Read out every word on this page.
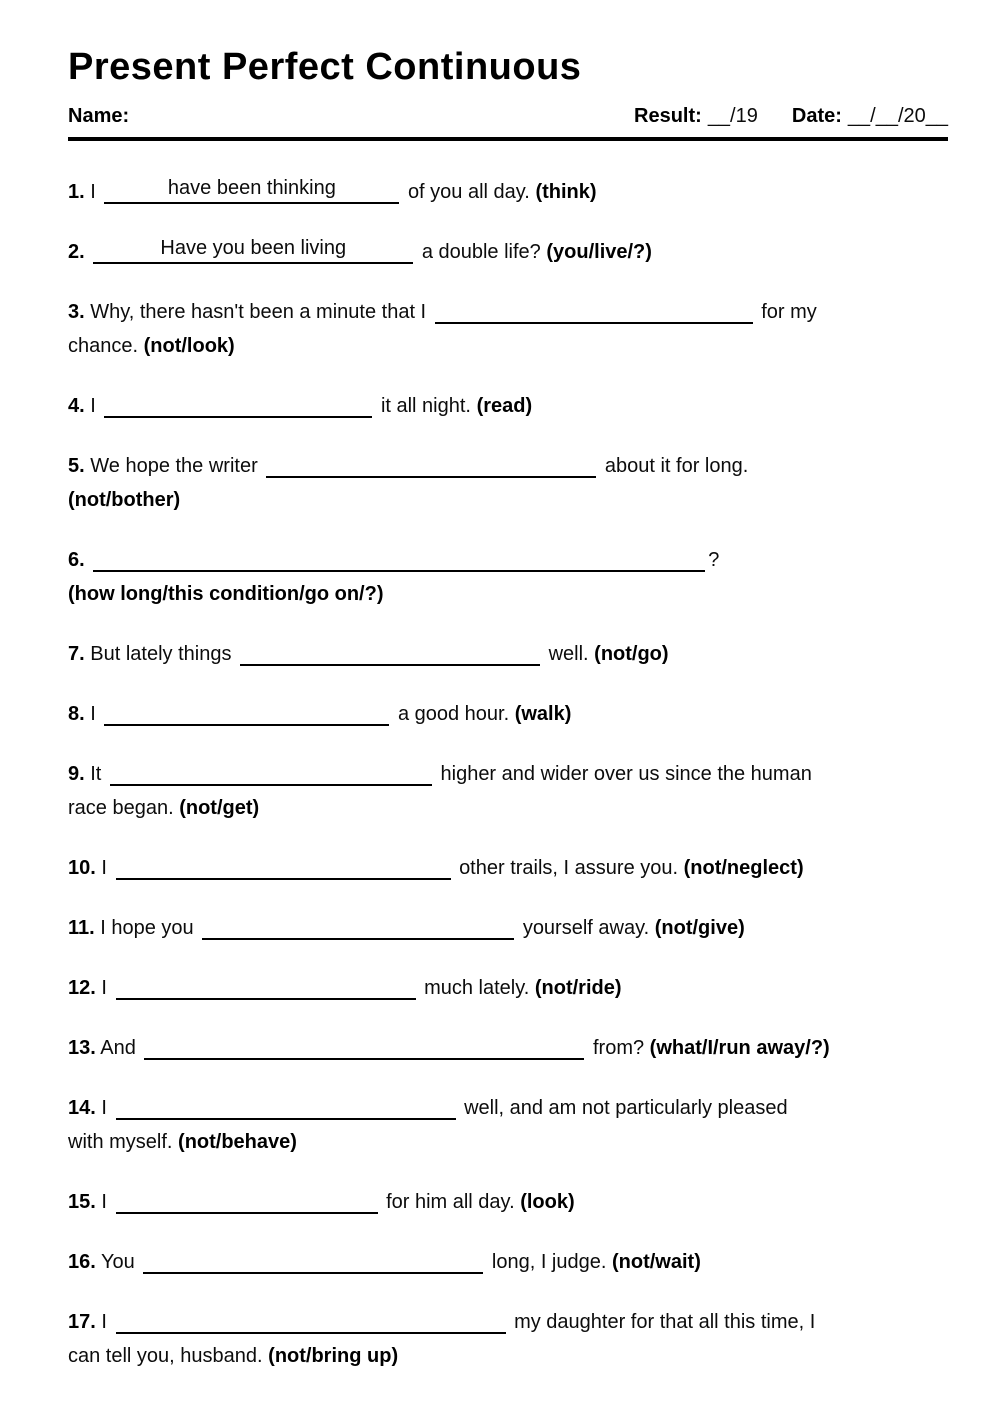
Present Perfect Continuous
Name:	Result: __/19 Date: __/__/20__

1. I	have been thinking	of you all day. (think)

2.	Have you been living	a double life? (you/live/?)

3. Why, there hasn't been a minute that I	for my
chance. (not/look)

4. I	it all night. (read)

5. We hope the writer	about it for long.
(not/bother)

6.	?
(how long/this condition/go on/?)

7. But lately things	well. (not/go)

8. I	a good hour. (walk)

9. It	higher and wider over us since the human
race began. (not/get)

10. I	other trails, I assure you. (not/neglect)

11. I hope you	yourself away. (not/give)

12. I	much lately. (not/ride)

13. And	from? (what/I/run away/?)

14. I	well, and am not particularly pleased
with myself. (not/behave)

15. I	for him all day. (look)

16. You	long, I judge. (not/wait)

17. I	my daughter for that all this time, I
can tell you, husband. (not/bring up)
